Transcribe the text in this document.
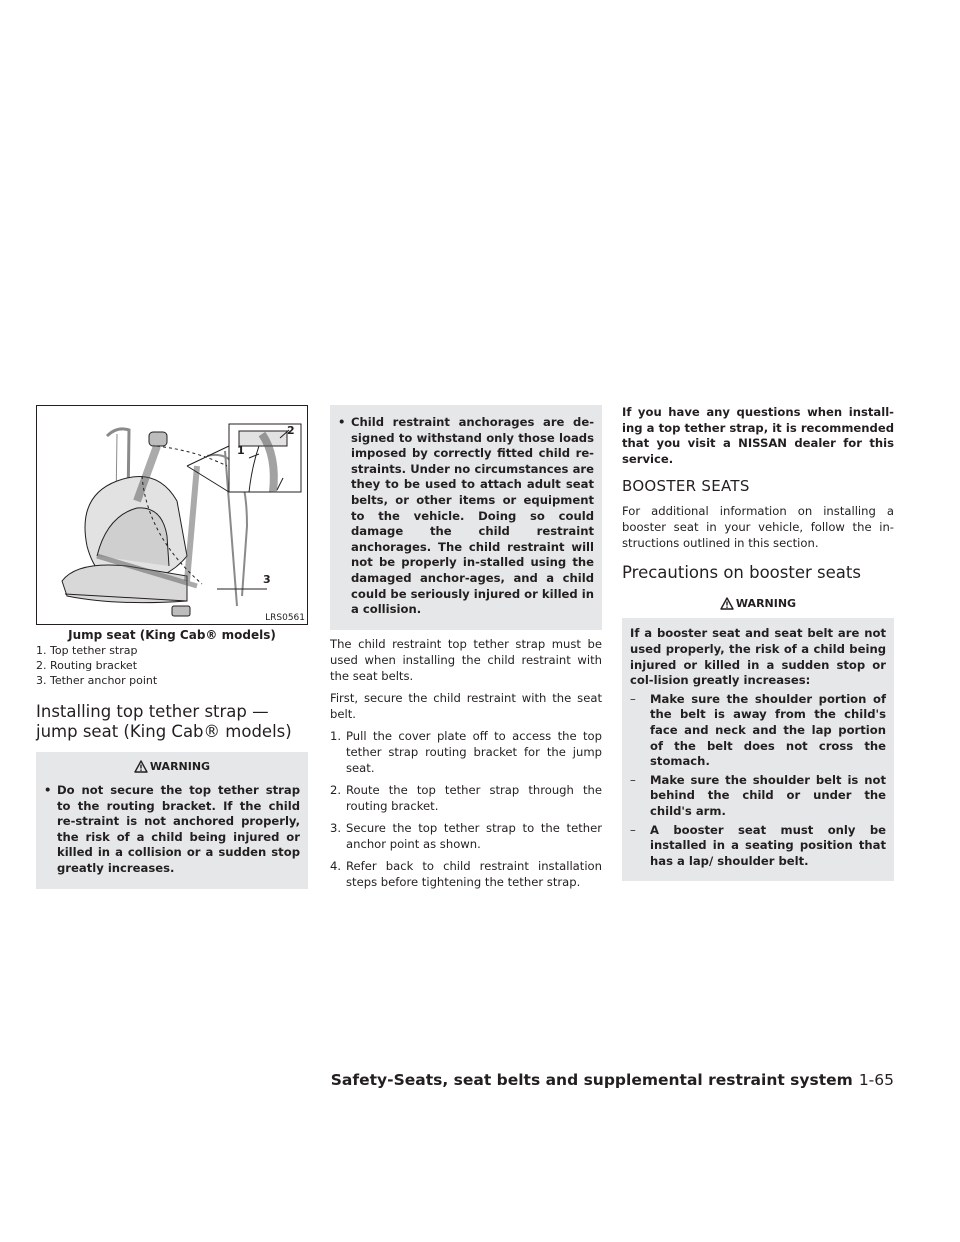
2
1
3
LRS0561
Jump seat (King Cab® models)
1. Top tether strap
2. Routing bracket
3. Tether anchor point
Installing top tether strap — jump seat (King Cab® models)
WARNING
• Do not secure the top tether strap to the routing bracket. If the child re-straint is not anchored properly, the risk of a child being injured or killed in a collision or a sudden stop greatly increases.
• Child restraint anchorages are de-signed to withstand only those loads imposed by correctly fitted child re-straints. Under no circumstances are they to be used to attach adult seat belts, or other items or equipment to the vehicle. Doing so could damage the child restraint anchorages. The child restraint will not be properly in-stalled using the damaged anchor-ages, and a child could be seriously injured or killed in a collision.

The child restraint top tether strap must be used when installing the child restraint with the seat belts.

First, secure the child restraint with the seat belt.

1. Pull the cover plate off to access the top tether strap routing bracket for the jump seat.
2. Route the top tether strap through the routing bracket.
3. Secure the top tether strap to the tether anchor point as shown.
4. Refer back to child restraint installation steps before tightening the tether strap.

If you have any questions when install-ing a top tether strap, it is recommended that you visit a NISSAN dealer for this service.

BOOSTER SEATS

For additional information on installing a booster seat in your vehicle, follow the in-structions outlined in this section.

Precautions on booster seats
WARNING
If a booster seat and seat belt are not used properly, the risk of a child being injured or killed in a sudden stop or col-lision greatly increases:
– Make sure the shoulder portion of the belt is away from the child's face and neck and the lap portion of the belt does not cross the stomach.
– Make sure the shoulder belt is not behind the child or under the child's arm.
– A booster seat must only be installed in a seating position that has a lap/ shoulder belt.
Safety-Seats, seat belts and supplemental restraint system 1-65
